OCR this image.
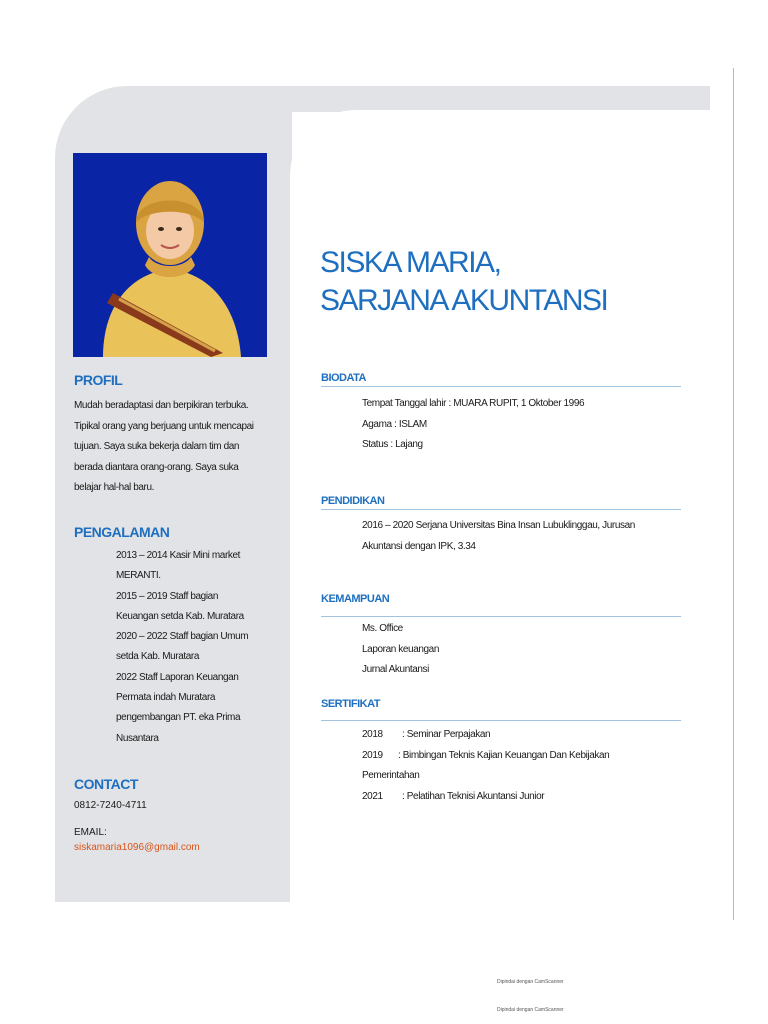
SISKA MARIA,
SARJANA AKUNTANSI
PROFIL
Mudah beradaptasi dan berpikiran terbuka.
Tipikal orang yang berjuang untuk mencapai
tujuan. Saya suka bekerja dalam tim dan
berada diantara orang-orang. Saya suka
belajar hal-hal baru.
PENGALAMAN
2013 – 2014 Kasir Mini market
MERANTI.
2015 – 2019 Staff bagian
Keuangan setda Kab. Muratara
2020 – 2022 Staff bagian Umum
setda Kab. Muratara
2022 Staff Laporan Keuangan
Permata indah Muratara
pengembangan PT. eka Prima
Nusantara
CONTACT
0812-7240-4711
EMAIL:
siskamaria1096@gmail.com
BIODATA
Tempat Tanggal lahir : MUARA RUPIT, 1 Oktober 1996
Agama : ISLAM
Status : Lajang
PENDIDIKAN
2016 – 2020 Serjana Universitas Bina Insan Lubuklinggau, Jurusan
Akuntansi dengan IPK, 3.34
KEMAMPUAN
Ms. Office
Laporan keuangan
Jurnal Akuntansi
SERTIFIKAT
2018 : Seminar Perpajakan
2019 : Bimbingan Teknis Kajian Keuangan Dan Kebijakan
Pemerintahan
2021 : Pelatihan Teknisi Akuntansi Junior
Dipindai dengan CamScanner
Dipindai dengan CamScanner
